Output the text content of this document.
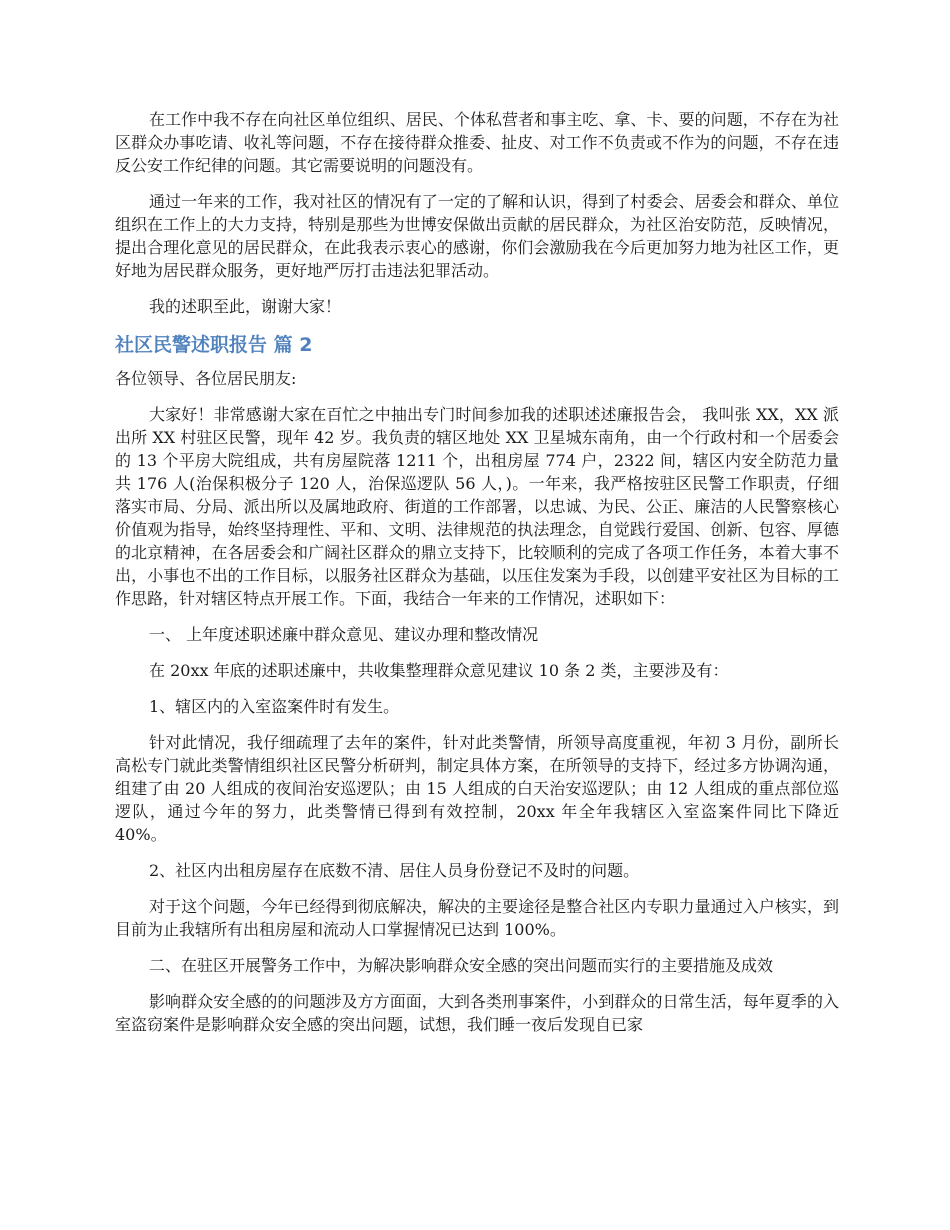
在工作中我不存在向社区单位组织、居民、个体私营者和事主吃、拿、卡、要的问题，不存在为社区群众办事吃请、收礼等问题，不存在接待群众推委、扯皮、对工作不负责或不作为的问题，不存在违反公安工作纪律的问题。其它需要说明的问题没有。

通过一年来的工作，我对社区的情况有了一定的了解和认识，得到了村委会、居委会和群众、单位组织在工作上的大力支持，特别是那些为世博安保做出贡献的居民群众，为社区治安防范，反映情况，提出合理化意见的居民群众，在此我表示衷心的感谢，你们会激励我在今后更加努力地为社区工作，更好地为居民群众服务，更好地严厉打击违法犯罪活动。

我的述职至此，谢谢大家！

社区民警述职报告 篇 2

各位领导、各位居民朋友:

大家好！非常感谢大家在百忙之中抽出专门时间参加我的述职述述廉报告会， 我叫张 XX，XX 派出所 XX 村驻区民警，现年 42 岁。我负责的辖区地处 XX 卫星城东南角，由一个行政村和一个居委会的 13 个平房大院组成，共有房屋院落 1211 个，出租房屋 774 户，2322 间，辖区内安全防范力量共 176 人(治保积极分子 120 人，治保巡逻队 56 人，)。一年来，我严格按驻区民警工作职责，仔细落实市局、分局、派出所以及属地政府、街道的工作部署，以忠诚、为民、公正、廉洁的人民警察核心价值观为指导，始终坚持理性、平和、文明、法律规范的执法理念，自觉践行爱国、创新、包容、厚德的北京精神，在各居委会和广阔社区群众的鼎立支持下，比较顺利的完成了各项工作任务，本着大事不出，小事也不出的工作目标，以服务社区群众为基础，以压住发案为手段，以创建平安社区为目标的工作思路，针对辖区特点开展工作。下面，我结合一年来的工作情况，述职如下：

一、 上年度述职述廉中群众意见、建议办理和整改情况

在 20xx 年底的述职述廉中，共收集整理群众意见建议 10 条 2 类，主要涉及有：

1、辖区内的入室盗案件时有发生。

针对此情况，我仔细疏理了去年的案件，针对此类警情，所领导高度重视，年初 3 月份，副所长高松专门就此类警情组织社区民警分析研判，制定具体方案，在所领导的支持下，经过多方协调沟通，组建了由 20 人组成的夜间治安巡逻队；由 15 人组成的白天治安巡逻队；由 12 人组成的重点部位巡逻队，通过今年的努力，此类警情已得到有效控制，20xx 年全年我辖区入室盗案件同比下降近 40%。

2、社区内出租房屋存在底数不清、居住人员身份登记不及时的问题。

对于这个问题，今年已经得到彻底解决，解决的主要途径是整合社区内专职力量通过入户核实，到目前为止我辖所有出租房屋和流动人口掌握情况已达到 100%。

二、在驻区开展警务工作中，为解决影响群众安全感的突出问题而实行的主要措施及成效

影响群众安全感的的问题涉及方方面面，大到各类刑事案件，小到群众的日常生活，每年夏季的入室盗窃案件是影响群众安全感的突出问题，试想，我们睡一夜后发现自已家
